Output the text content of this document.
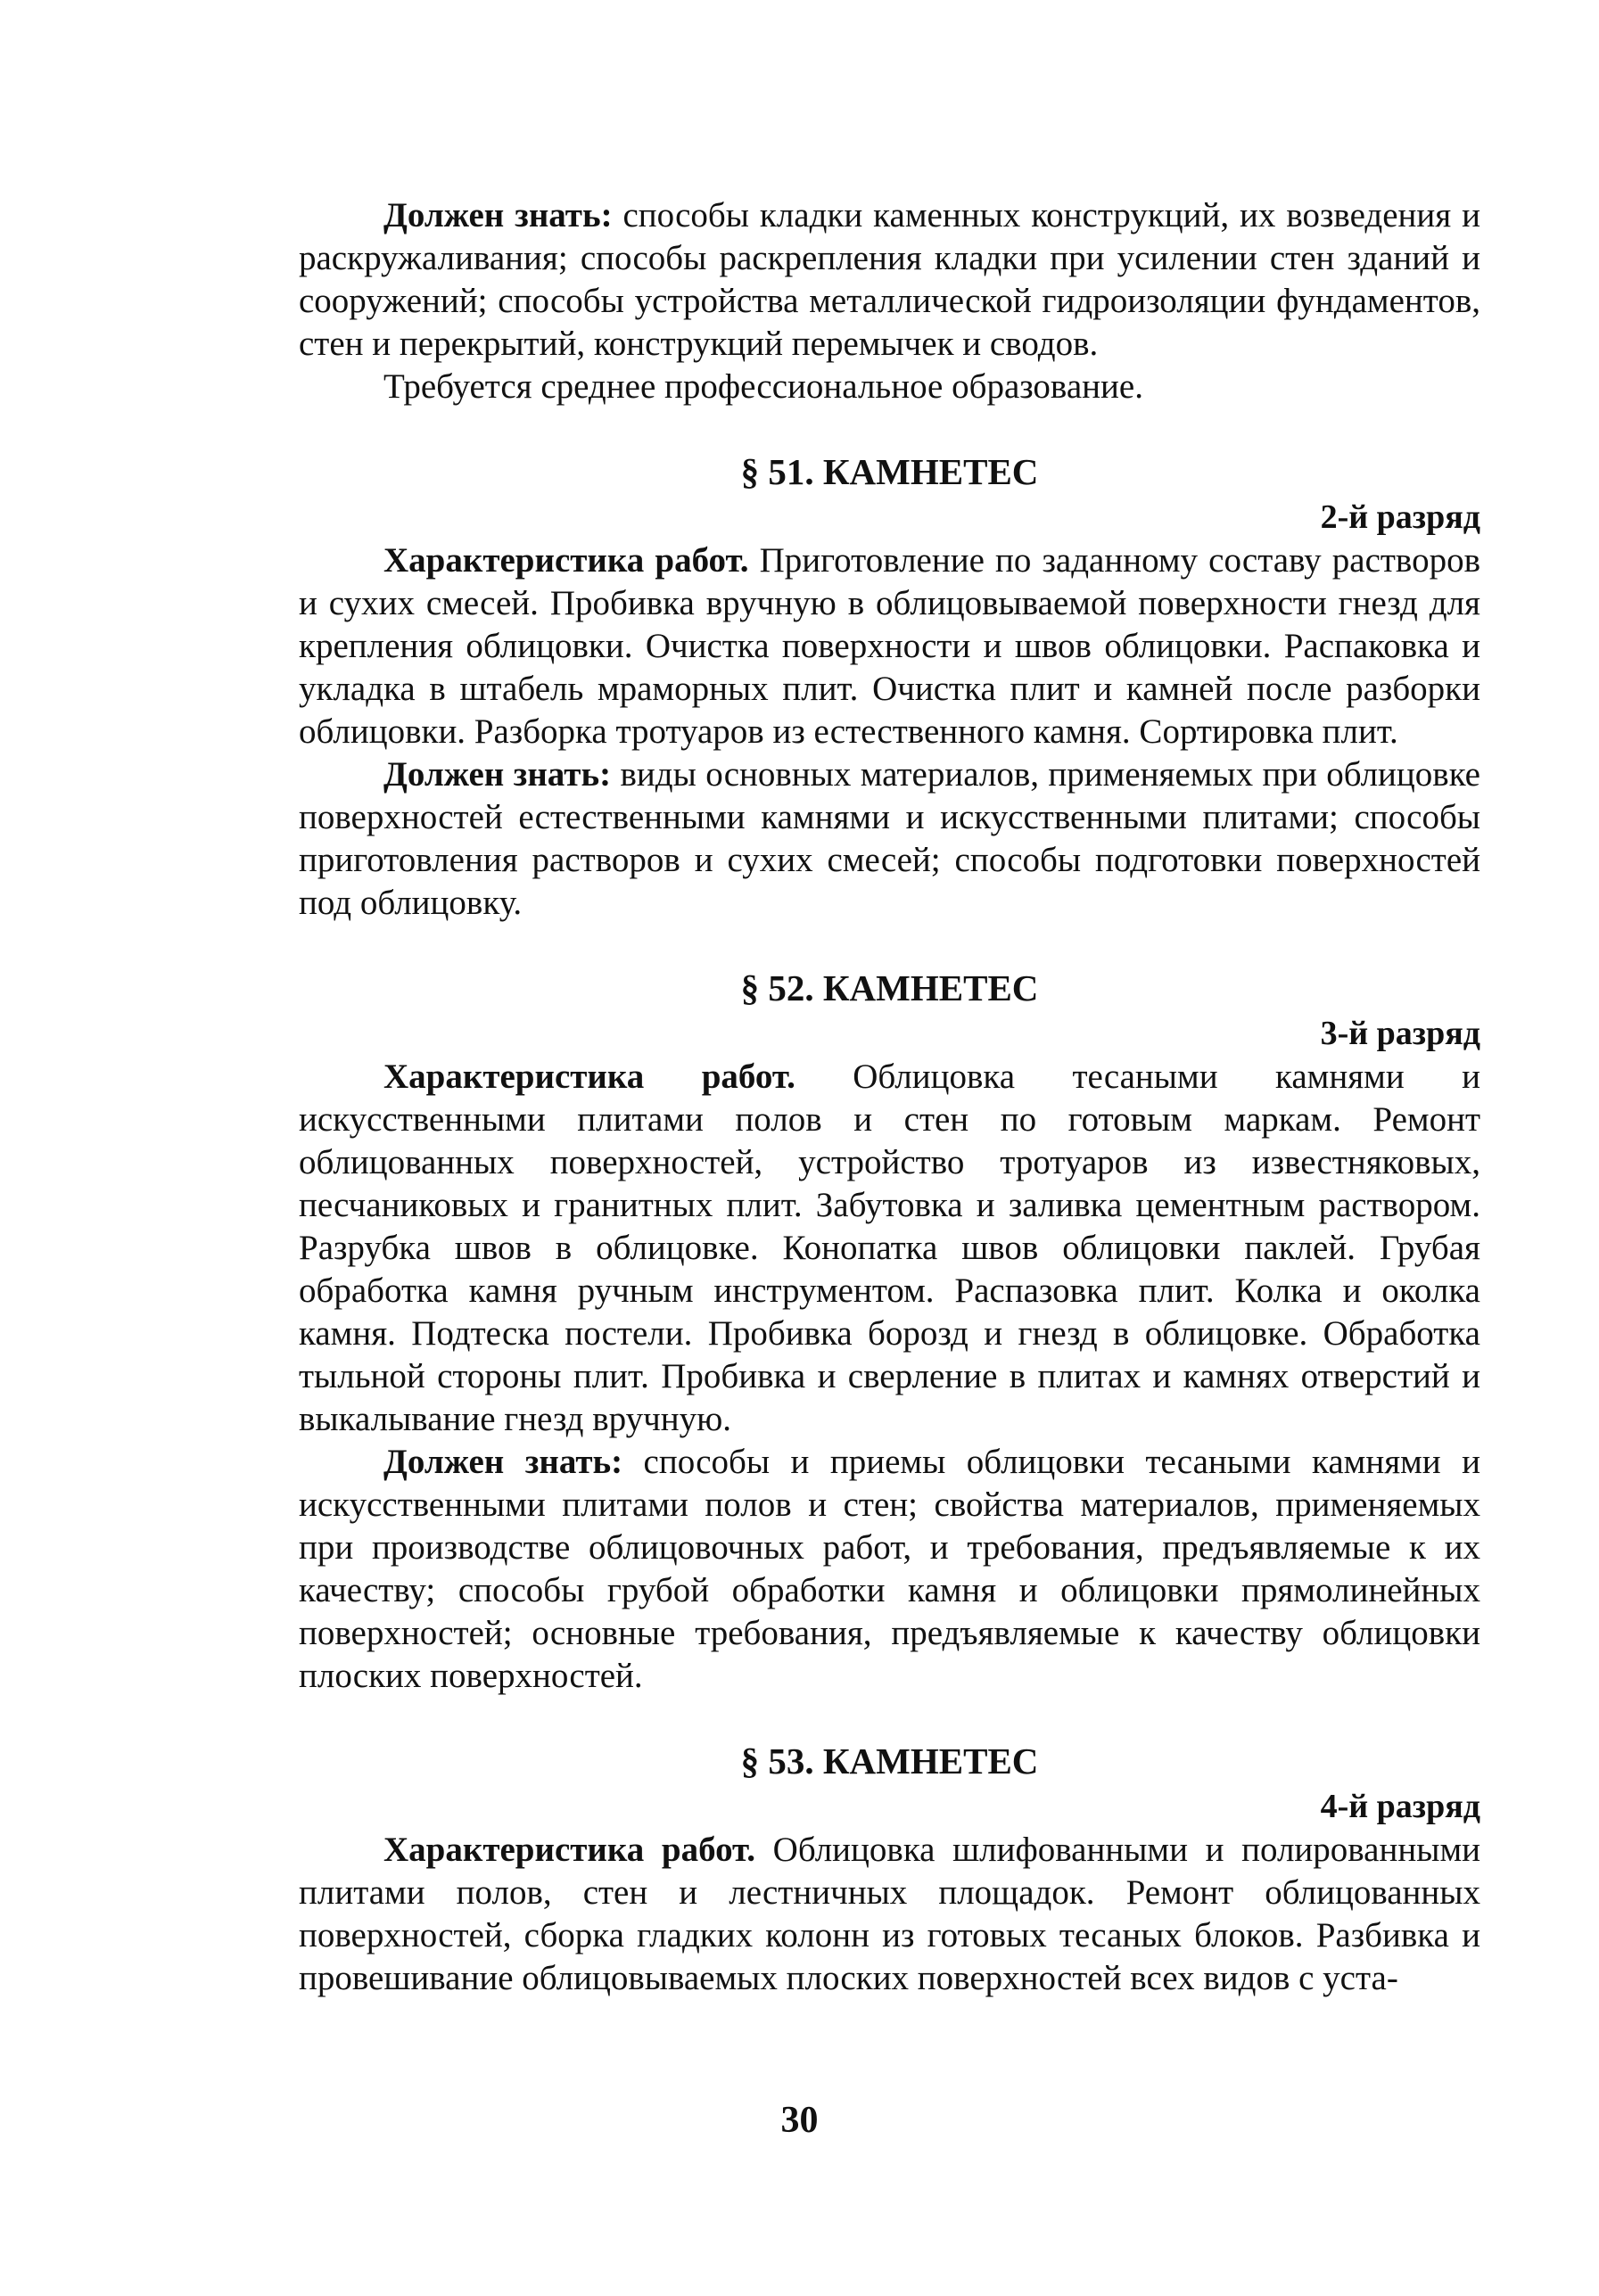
Должен знать: способы кладки каменных конструкций, их возведения и раскружаливания; способы раскрепления кладки при усилении стен зданий и сооружений; способы устройства металлической гидроизоляции фундаментов, стен и перекрытий, конструкций перемычек и сводов.

Требуется среднее профессиональное образование.

§ 51. КАМНЕТЕС

2-й разряд

Характеристика работ. Приготовление по заданному составу растворов и сухих смесей. Пробивка вручную в облицовываемой поверхности гнезд для крепления облицовки. Очистка поверхности и швов облицовки. Распаковка и укладка в штабель мраморных плит. Очистка плит и камней после разборки облицовки. Разборка тротуаров из естественного камня. Сортировка плит.

Должен знать: виды основных материалов, применяемых при облицовке поверхностей естественными камнями и искусственными плитами; способы приготовления растворов и сухих смесей; способы подготовки поверхностей под облицовку.

§ 52. КАМНЕТЕС

3-й разряд

Характеристика работ. Облицовка тесаными камнями и искусственными плитами полов и стен по готовым маркам. Ремонт облицованных поверхностей, устройство тротуаров из известняковых, песчаниковых и гранитных плит. Забутовка и заливка цементным раствором. Разрубка швов в облицовке. Конопатка швов облицовки паклей. Грубая обработка камня ручным инструментом. Распазовка плит. Колка и околка камня. Подтеска постели. Пробивка борозд и гнезд в облицовке. Обработка тыльной стороны плит. Пробивка и сверление в плитах и камнях отверстий и выкалывание гнезд вручную.

Должен знать: способы и приемы облицовки тесаными камнями и искусственными плитами полов и стен; свойства материалов, применяемых при производстве облицовочных работ, и требования, предъявляемые к их качеству; способы грубой обработки камня и облицовки прямолинейных поверхностей; основные требования, предъявляемые к качеству облицовки плоских поверхностей.

§ 53. КАМНЕТЕС

4-й разряд

Характеристика работ. Облицовка шлифованными и полированными плитами полов, стен и лестничных площадок. Ремонт облицованных поверхностей, сборка гладких колонн из готовых тесаных блоков. Разбивка и провешивание облицовываемых плоских поверхностей всех видов с уста-

30
